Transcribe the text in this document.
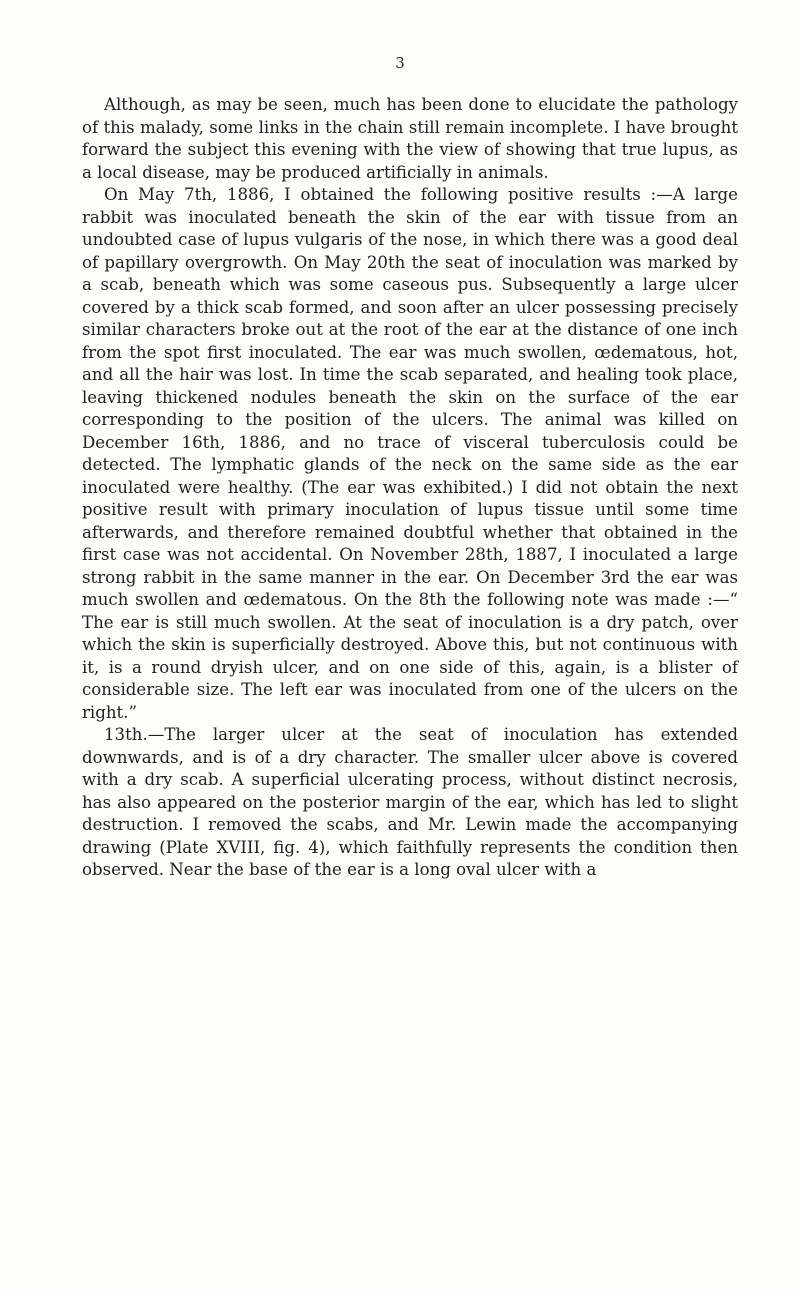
3

Although, as may be seen, much has been done to elucidate the pathology of this malady, some links in the chain still remain incomplete. I have brought forward the subject this evening with the view of showing that true lupus, as a local disease, may be produced artificially in animals.

On May 7th, 1886, I obtained the following positive results :—A large rabbit was inoculated beneath the skin of the ear with tissue from an undoubted case of lupus vulgaris of the nose, in which there was a good deal of papillary overgrowth. On May 20th the seat of inoculation was marked by a scab, beneath which was some caseous pus. Subsequently a large ulcer covered by a thick scab formed, and soon after an ulcer possessing precisely similar characters broke out at the root of the ear at the distance of one inch from the spot first inoculated. The ear was much swollen, œdematous, hot, and all the hair was lost. In time the scab separated, and healing took place, leaving thickened nodules beneath the skin on the surface of the ear corresponding to the position of the ulcers. The animal was killed on December 16th, 1886, and no trace of visceral tuberculosis could be detected. The lymphatic glands of the neck on the same side as the ear inoculated were healthy. (The ear was exhibited.) I did not obtain the next positive result with primary inoculation of lupus tissue until some time afterwards, and therefore remained doubtful whether that obtained in the first case was not accidental. On November 28th, 1887, I inoculated a large strong rabbit in the same manner in the ear. On December 3rd the ear was much swollen and œdematous. On the 8th the following note was made :—“ The ear is still much swollen. At the seat of inoculation is a dry patch, over which the skin is superficially destroyed. Above this, but not continuous with it, is a round dryish ulcer, and on one side of this, again, is a blister of considerable size. The left ear was inoculated from one of the ulcers on the right.”

13th.—The larger ulcer at the seat of inoculation has extended downwards, and is of a dry character. The smaller ulcer above is covered with a dry scab. A superficial ulcerating process, without distinct necrosis, has also appeared on the posterior margin of the ear, which has led to slight destruction. I removed the scabs, and Mr. Lewin made the accompanying drawing (Plate XVIII, fig. 4), which faithfully represents the condition then observed. Near the base of the ear is a long oval ulcer with a
